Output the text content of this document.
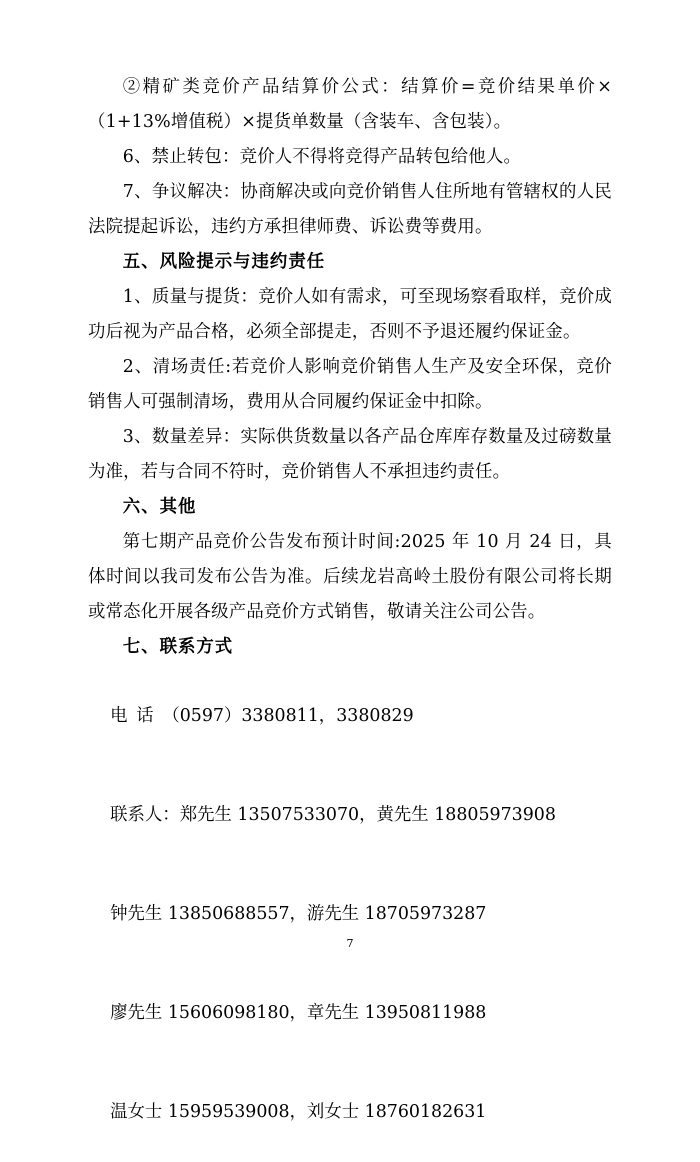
②精矿类竞价产品结算价公式：结算价=竞价结果单价×（1+13%增值税）×提货单数量（含装车、含包装）。

6、禁止转包：竞价人不得将竞得产品转包给他人。

7、争议解决：协商解决或向竞价销售人住所地有管辖权的人民法院提起诉讼，违约方承担律师费、诉讼费等费用。

五、风险提示与违约责任

1、质量与提货：竞价人如有需求，可至现场察看取样，竞价成功后视为产品合格，必须全部提走，否则不予退还履约保证金。

2、清场责任:若竞价人影响竞价销售人生产及安全环保，竞价销售人可强制清场，费用从合同履约保证金中扣除。

3、数量差异：实际供货数量以各产品仓库库存数量及过磅数量为准，若与合同不符时，竞价销售人不承担违约责任。

六、其他

第七期产品竞价公告发布预计时间:2025 年 10 月 24 日，具体时间以我司发布公告为准。后续龙岩高岭土股份有限公司将长期或常态化开展各级产品竞价方式销售，敬请关注公司公告。

七、联系方式

电话（0597）3380811，3380829

联系人：郑先生 13507533070，黄先生 18805973908

钟先生 13850688557，游先生 18705973287

廖先生 15606098180，章先生 13950811988

温女士 15959539008，刘女士 18760182631

7
